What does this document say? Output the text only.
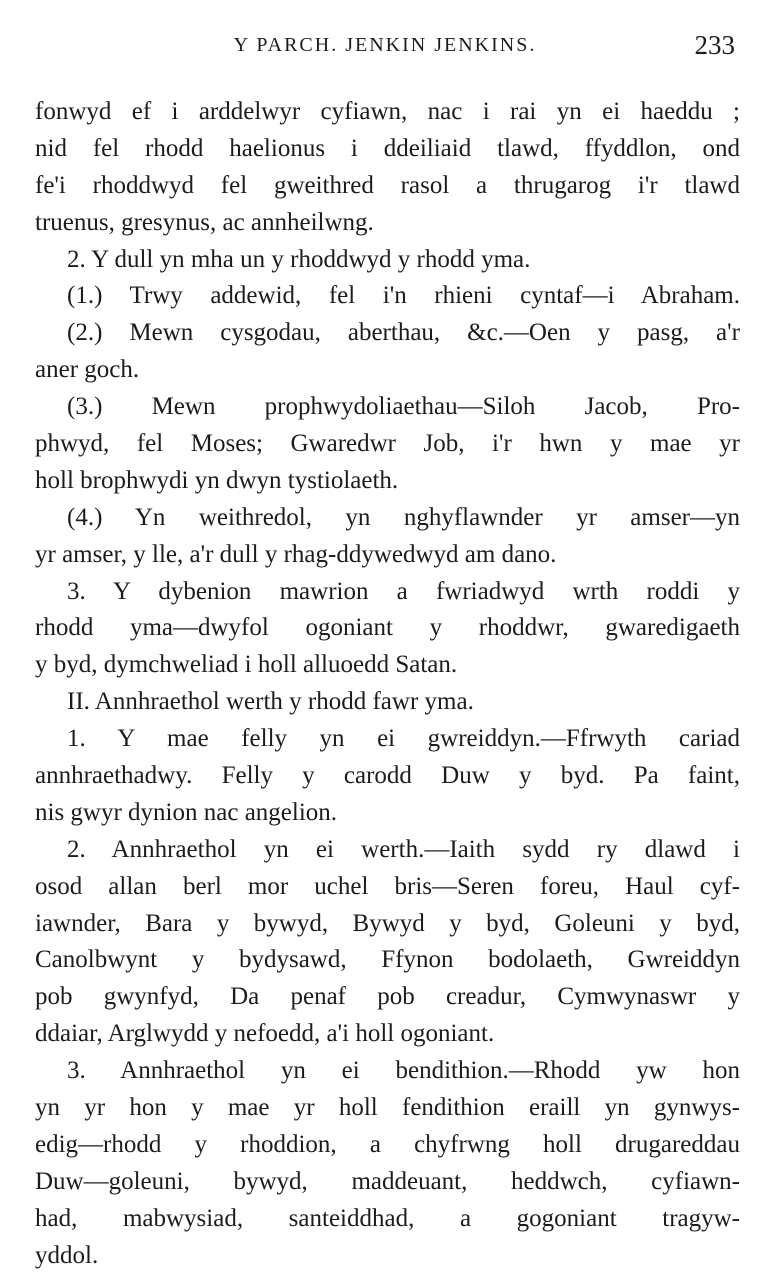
Y PARCH. JENKIN JENKINS.	233
fonwyd ef i arddelwyr cyfiawn, nac i rai yn ei haeddu ;
nid fel rhodd haelionus i ddeiliaid tlawd, ffyddlon, ond
fe'i rhoddwyd fel gweithred rasol a thrugarog i'r tlawd
truenus, gresynus, ac annheilwng.
2. Y dull yn mha un y rhoddwyd y rhodd yma.
(1.) Trwy addewid, fel i'n rhieni cyntaf—i Abraham.
(2.) Mewn cysgodau, aberthau, &c.—Oen y pasg, a'r
aner goch.
(3.) Mewn prophwydoliaethau—Siloh Jacob, Pro-
phwyd, fel Moses; Gwaredwr Job, i'r hwn y mae yr
holl brophwydi yn dwyn tystiolaeth.
(4.) Yn weithredol, yn nghyflawnder yr amser—yn
yr amser, y lle, a'r dull y rhag-ddywedwyd am dano.
3. Y dybenion mawrion a fwriadwyd wrth roddi y
rhodd yma—dwyfol ogoniant y rhoddwr, gwaredigaeth
y byd, dymchweliad i holl alluoedd Satan.
II. Annhraethol werth y rhodd fawr yma.
1. Y mae felly yn ei gwreiddyn.—Ffrwyth cariad
annhraethadwy. Felly y carodd Duw y byd. Pa faint,
nis gwyr dynion nac angelion.
2. Annhraethol yn ei werth.—Iaith sydd ry dlawd i
osod allan berl mor uchel bris—Seren foreu, Haul cyf-
iawnder, Bara y bywyd, Bywyd y byd, Goleuni y byd,
Canolbwynt y bydysawd, Ffynon bodolaeth, Gwreiddyn
pob gwynfyd, Da penaf pob creadur, Cymwynaswr y
ddaiar, Arglwydd y nefoedd, a'i holl ogoniant.
3. Annhraethol yn ei bendithion.—Rhodd yw hon
yn yr hon y mae yr holl fendithion eraill yn gynwys-
edig—rhodd y rhoddion, a chyfrwng holl drugareddau
Duw—goleuni, bywyd, maddeuant, heddwch, cyfiawn-
had, mabwysiad, santeiddhad, a gogoniant tragyw-
yddol.
